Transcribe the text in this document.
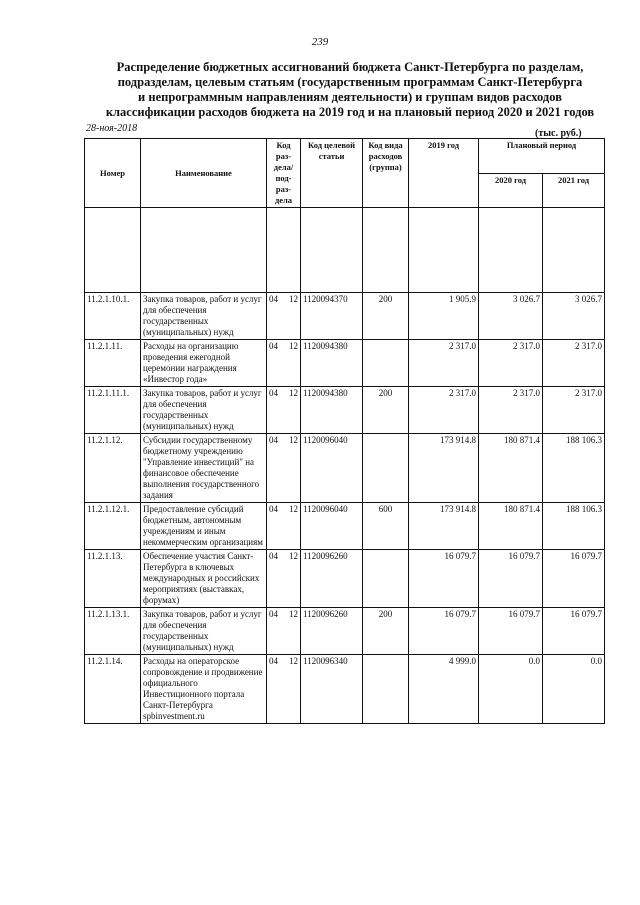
239
Распределение бюджетных ассигнований бюджета Санкт-Петербурга по разделам,
подразделам, целевым статьям (государственным программам Санкт-Петербурга
и непрограммным направлениям деятельности) и группам видов расходов
классификации расходов бюджета на 2019 год и на плановый период 2020 и 2021 годов
28-ноя-2018	(тыс. руб.)
Номер	Наименование	Код раз-дела/ под-раз-дела		Код целевой статьи	Код вида расходов (группа)	2019 год	Плановый период	
							2020 год	2021 год

11.2.1.10.1.	Закупка товаров, работ и услуг для обеспечения государственных (муниципальных) нужд	04	12	1120094370	200	1 905.9	3 026.7	3 026.7
11.2.1.11.	Расходы на организацию проведения ежегодной церемонии награждения «Инвестор года»	04	12	1120094380		2 317.0	2 317.0	2 317.0
11.2.1.11.1.	Закупка товаров, работ и услуг для обеспечения государственных (муниципальных) нужд	04	12	1120094380	200	2 317.0	2 317.0	2 317.0
11.2.1.12.	Субсидии государственному бюджетному учреждению "Управление инвестиций" на финансовое обеспечение выполнения государственного задания	04	12	1120096040		173 914.8	180 871.4	188 106.3
11.2.1.12.1.	Предоставление субсидий бюджетным, автономным учреждениям и иным некоммерческим организациям	04	12	1120096040	600	173 914.8	180 871.4	188 106.3
11.2.1.13.	Обеспечение участия Санкт-Петербурга в ключевых международных и российских мероприятиях (выставках, форумах)	04	12	1120096260		16 079.7	16 079.7	16 079.7
11.2.1.13.1.	Закупка товаров, работ и услуг для обеспечения государственных (муниципальных) нужд	04	12	1120096260	200	16 079.7	16 079.7	16 079.7
11.2.1.14.	Расходы на операторское сопровождение и продвижение официального Инвестиционного портала Санкт-Петербурга spbinvestment.ru	04	12	1120096340		4 999.0	0.0	0.0
